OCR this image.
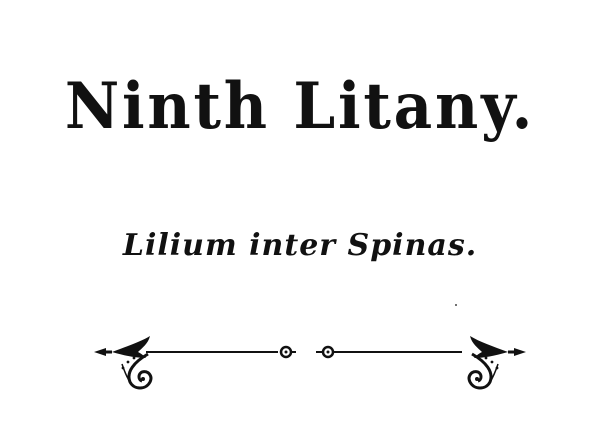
Ninth Litany.
Lilium inter Spinas.
